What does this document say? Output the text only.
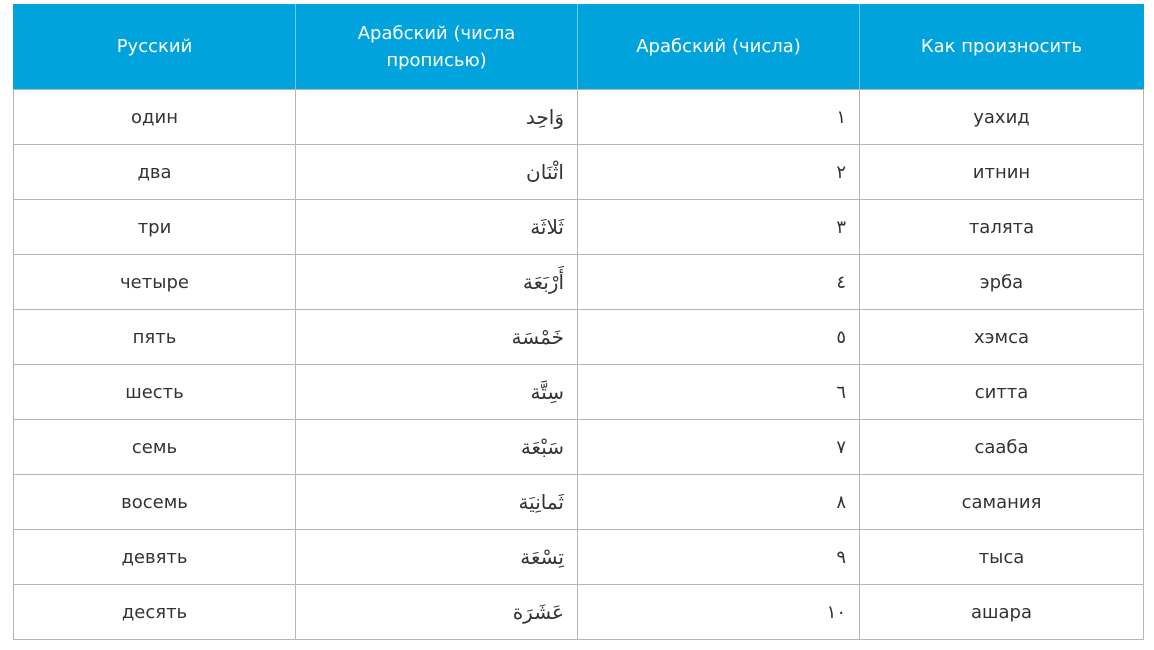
Русский	Арабский (числа прописью)	Арабский (числа)	Как произносить
один	وَاحِد	١	уахид
два	اثْنَان	٢	итнин
три	ثَلاثَة	٣	талята
четыре	أَرْبَعَة	٤	эрба
пять	خَمْسَة	٥	хэмса
шесть	سِتَّة	٦	ситта
семь	سَبْعَة	٧	сааба
восемь	ثَمانِيَة	٨	самания
девять	تِسْعَة	٩	тыса
десять	عَشَرَة	١٠	ашара
